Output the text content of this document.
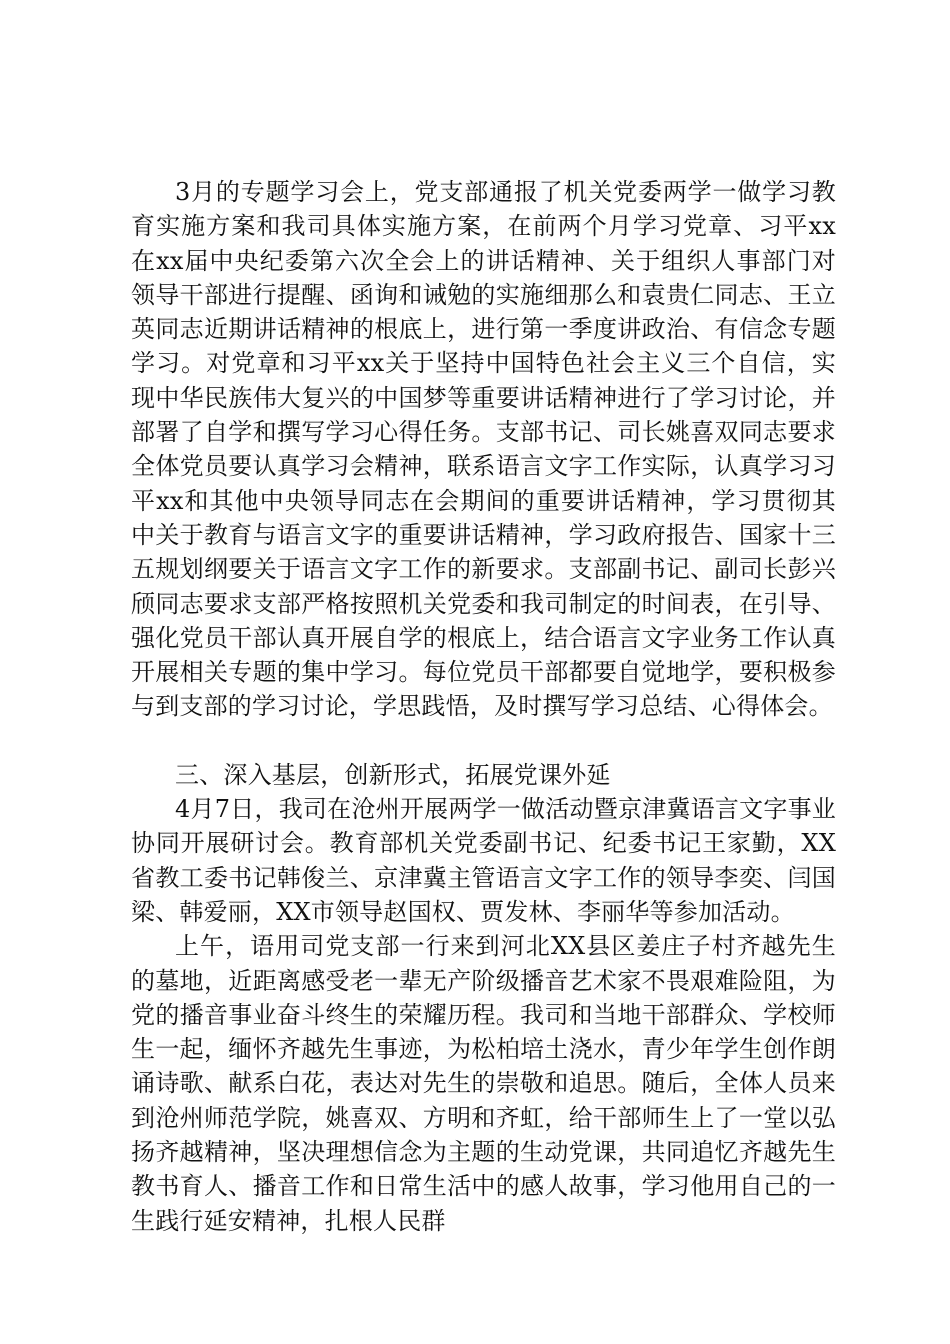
3月的专题学习会上，党支部通报了机关党委两学一做学习教育实施方案和我司具体实施方案，在前两个月学习党章、习平xx在xx届中央纪委第六次全会上的讲话精神、关于组织人事部门对领导干部进行提醒、函询和诫勉的实施细那么和袁贵仁同志、王立英同志近期讲话精神的根底上，进行第一季度讲政治、有信念专题学习。对党章和习平xx关于坚持中国特色社会主义三个自信，实现中华民族伟大复兴的中国梦等重要讲话精神进行了学习讨论，并部署了自学和撰写学习心得任务。支部书记、司长姚喜双同志要求全体党员要认真学习会精神，联系语言文字工作实际，认真学习习平xx和其他中央领导同志在会期间的重要讲话精神，学习贯彻其中关于教育与语言文字的重要讲话精神，学习政府报告、国家十三五规划纲要关于语言文字工作的新要求。支部副书记、副司长彭兴颀同志要求支部严格按照机关党委和我司制定的时间表，在引导、强化党员干部认真开展自学的根底上，结合语言文字业务工作认真开展相关专题的集中学习。每位党员干部都要自觉地学，要积极参与到支部的学习讨论，学思践悟，及时撰写学习总结、心得体会。

三、深入基层，创新形式，拓展党课外延

4月7日，我司在沧州开展两学一做活动暨京津冀语言文字事业协同开展研讨会。教育部机关党委副书记、纪委书记王家勤，XX省教工委书记韩俊兰、京津冀主管语言文字工作的领导李奕、闫国梁、韩爱丽，XX市领导赵国权、贾发林、李丽华等参加活动。

上午，语用司党支部一行来到河北XX县区姜庄子村齐越先生的墓地，近距离感受老一辈无产阶级播音艺术家不畏艰难险阻，为党的播音事业奋斗终生的荣耀历程。我司和当地干部群众、学校师生一起，缅怀齐越先生事迹，为松柏培土浇水，青少年学生创作朗诵诗歌、献系白花，表达对先生的崇敬和追思。随后，全体人员来到沧州师范学院，姚喜双、方明和齐虹，给干部师生上了一堂以弘扬齐越精神，坚决理想信念为主题的生动党课，共同追忆齐越先生教书育人、播音工作和日常生活中的感人故事，学习他用自己的一生践行延安精神，扎根人民群
